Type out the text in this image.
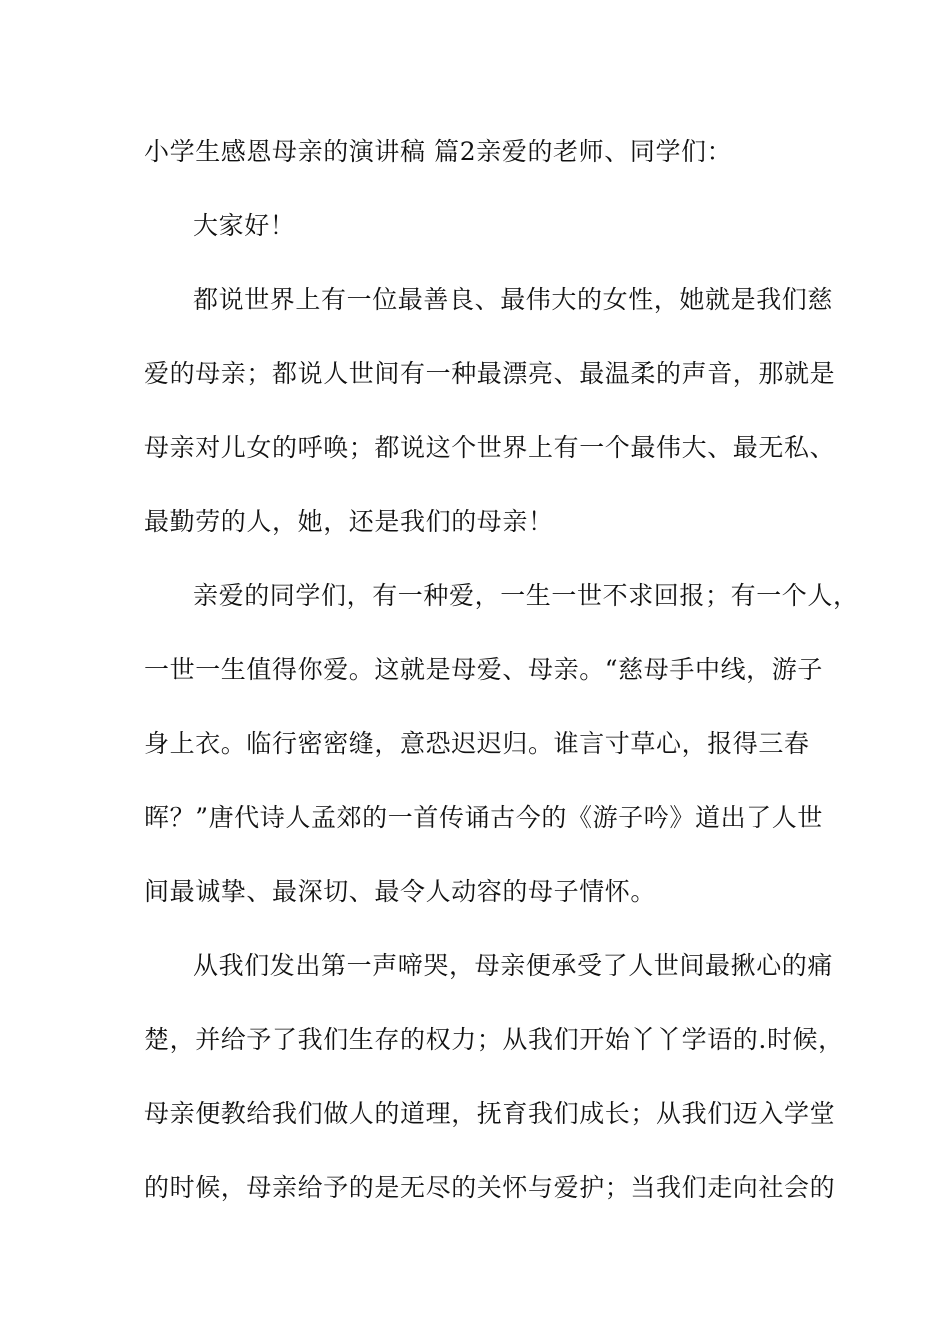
小学生感恩母亲的演讲稿 篇2亲爱的老师、同学们：
大家好！
都说世界上有一位最善良、最伟大的女性，她就是我们慈
爱的母亲；都说人世间有一种最漂亮、最温柔的声音，那就是
母亲对儿女的呼唤；都说这个世界上有一个最伟大、最无私、
最勤劳的人，她，还是我们的母亲！
亲爱的同学们，有一种爱，一生一世不求回报；有一个人，
一世一生值得你爱。这就是母爱、母亲。“慈母手中线，游子
身上衣。临行密密缝，意恐迟迟归。谁言寸草心，报得三春
晖？”唐代诗人孟郊的一首传诵古今的《游子吟》道出了人世
间最诚挚、最深切、最令人动容的母子情怀。
从我们发出第一声啼哭，母亲便承受了人世间最揪心的痛
楚，并给予了我们生存的权力；从我们开始丫丫学语的.时候，
母亲便教给我们做人的道理，抚育我们成长；从我们迈入学堂
的时候，母亲给予的是无尽的关怀与爱护；当我们走向社会的
